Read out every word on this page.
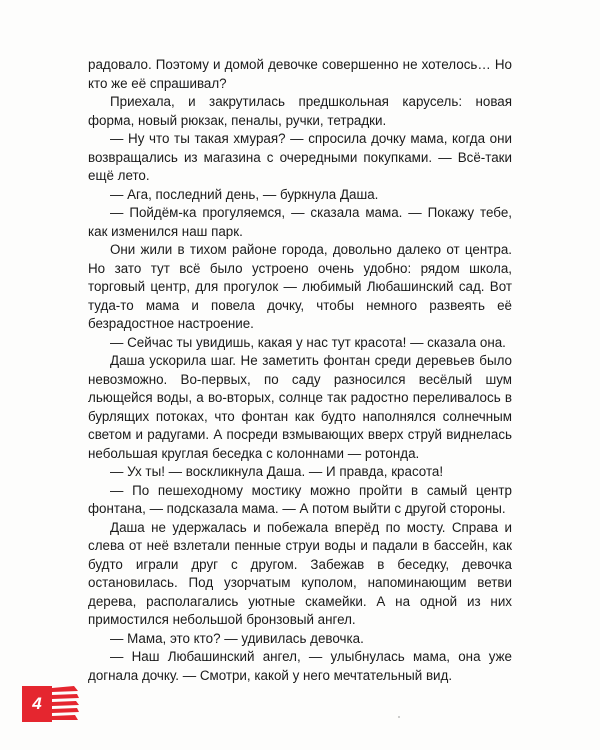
радовало. Поэтому и домой девочке совершенно не хотелось… Но кто же её спрашивал?

Приехала, и закрутилась предшкольная карусель: новая форма, новый рюкзак, пеналы, ручки, тетрадки.

— Ну что ты такая хмурая? — спросила дочку мама, когда они возвращались из магазина с очередными покупками. — Всё-таки ещё лето.

— Ага, последний день, — буркнула Даша.

— Пойдём-ка прогуляемся, — сказала мама. — Покажу тебе, как изменился наш парк.

Они жили в тихом районе города, довольно далеко от центра. Но зато тут всё было устроено очень удобно: рядом школа, торговый центр, для прогулок — любимый Любашинский сад. Вот туда-то мама и повела дочку, чтобы немного развеять её безрадостное настроение.

— Сейчас ты увидишь, какая у нас тут красота! — сказала она.

Даша ускорила шаг. Не заметить фонтан среди деревьев было невозможно. Во-первых, по саду разносился весёлый шум льющейся воды, а во-вторых, солнце так радостно переливалось в бурлящих потоках, что фонтан как будто наполнялся солнечным светом и радугами. А посреди взмывающих вверх струй виднелась небольшая круглая беседка с колоннами — ротонда.

— Ух ты! — воскликнула Даша. — И правда, красота!

— По пешеходному мостику можно пройти в самый центр фонтана, — подсказала мама. — А потом выйти с другой стороны.

Даша не удержалась и побежала вперёд по мосту. Справа и слева от неё взлетали пенные струи воды и падали в бассейн, как будто играли друг с другом. Забежав в беседку, девочка остановилась. Под узорчатым куполом, напоминающим ветви дерева, располагались уютные скамейки. А на одной из них примостился небольшой бронзовый ангел.

— Мама, это кто? — удивилась девочка.

— Наш Любашинский ангел, — улыбнулась мама, она уже догнала дочку. — Смотри, какой у него мечтательный вид.

4
